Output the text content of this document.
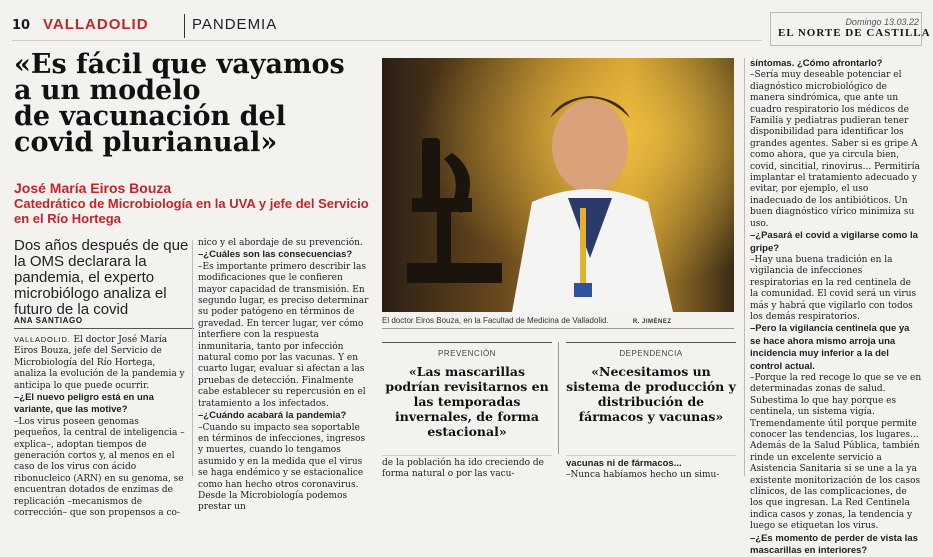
10 VALLADOLID	PANDEMIA	Domingo 13.03.22
EL NORTE DE CASTILLA
«Es fácil que vayamos
a un modelo
de vacunación del
covid plurianual»
José María Eiros Bouza
Catedrático de Microbiología en la UVA y jefe del Servicio en el Río Hortega
Dos años después de que la OMS declarara la pandemia, el experto microbiólogo analiza el futuro de la covid
ANA SANTIAGO

VALLADOLID. El doctor José María Eiros Bouza, jefe del Servicio de Microbiología del Río Hortega, analiza la evolución de la pandemia y anticipa lo que puede ocurrir.

–¿El nuevo peligro está en una variante, que las motive?

–Los virus poseen genomas pequeños, la central de inteligencia –explica–, adoptan tiempos de generación cortos y, al menos en el caso de los virus con ácido ribonucleico (ARN) en su genoma, se encuentran dotados de enzimas de replicación –mecanismos de corrección– que son propensos a co-

nico y el abordaje de su prevención.

–¿Cuáles son las consecuencias?

–Es importante primero describir las modificaciones que le confieren mayor capacidad de transmisión. En segundo lugar, es preciso determinar su poder patógeno en términos de gravedad. En tercer lugar, ver cómo interfiere con la respuesta inmunitaria, tanto por infección natural como por las vacunas. Y en cuarto lugar, evaluar si afectan a las pruebas de detección. Finalmente cabe establecer su repercusión en el tratamiento a los infectados.

–¿Cuándo acabará la pandemia?

–Cuando su impacto sea soportable en términos de infecciones, ingresos y muertes, cuando lo tengamos asumido y en la medida que el virus se haga endémico y se estacionalice como han hecho otros coronavirus. Desde la Microbiología podemos prestar un

El doctor Eiros Bouza, en la Facultad de Medicina de Valladolid.	R. JIMÉNEZ
PREVENCIÓN
«Las mascarillas podrían revisitarnos en las temporadas invernales, de forma estacional»
DEPENDENCIA
«Necesitamos un sistema de producción y distribución de fármacos y vacunas»

de la población ha ido creciendo de forma natural o por las vacu-

vacunas ni de fármacos...

–Nunca habíamos hecho un simu-

síntomas. ¿Cómo afrontarlo?

–Sería muy deseable potenciar el diagnóstico microbiológico de manera sindrómica, que ante un cuadro respiratorio los médicos de Familia y pediatras pudieran tener disponibilidad para identificar los grandes agentes. Saber si es gripe A como ahora, que ya circula bien, covid, sincitial, rinovirus... Permitiría implantar el tratamiento adecuado y evitar, por ejemplo, el uso inadecuado de los antibióticos. Un buen diagnóstico vírico minimiza su uso.

–¿Pasará el covid a vigilarse como la gripe?

–Hay una buena tradición en la vigilancia de infecciones respiratorias en la red centinela de la comunidad. El covid será un virus más y habrá que vigilarlo con todos los demás respiratorios.

–Pero la vigilancia centinela que ya se hace ahora mismo arroja una incidencia muy inferior a la del control actual.

–Porque la red recoge lo que se ve en determinadas zonas de salud. Subestima lo que hay porque es centinela, un sistema vigía. Tremendamente útil porque permite conocer las tendencias, los lugares... Además de la Salud Pública, también rinde un excelente servicio a Asistencia Sanitaria si se une a la ya existente monitorización de los casos clínicos, de las complicaciones, de los que ingresan. La Red Centinela indica casos y zonas, la tendencia y luego se etiquetan los virus.

–¿Es momento de perder de vista las mascarillas en interiores?
